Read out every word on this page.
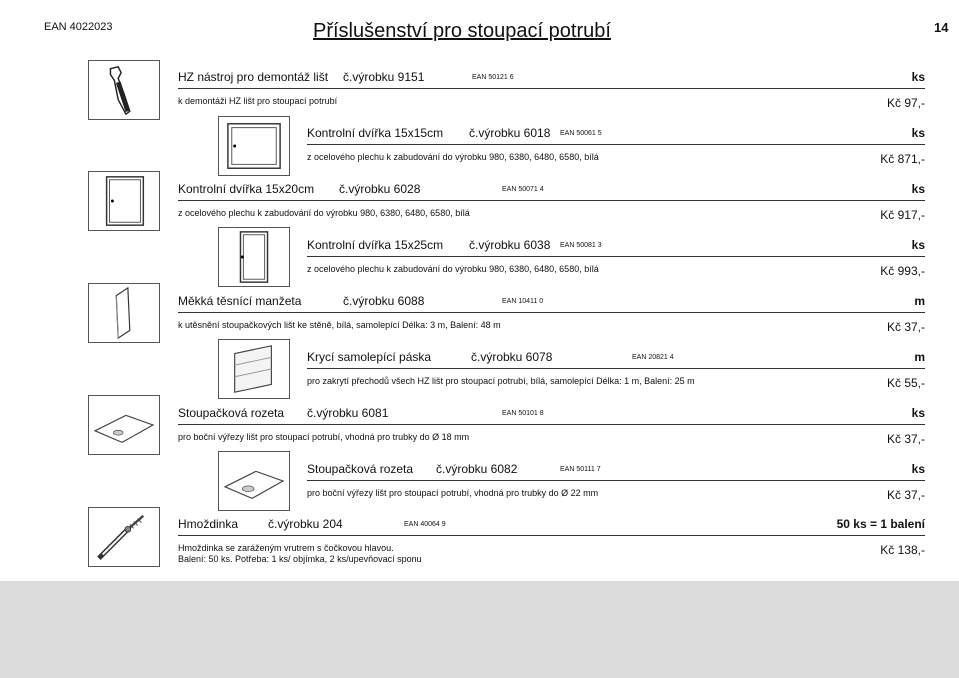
EAN 4022023	Příslušenství pro stoupací potrubí	14
HZ nástroj pro demontáž lišt č.výrobku 9151	EAN 50121 6	ks
k demontáži HZ lišt pro stoupací potrubí	Kč 97,-
Kontrolní dvířka 15x15cm č.výrobku 6018 EAN 50061 5	ks
z ocelového plechu k zabudování do výrobku 980, 6380, 6480, 6580, bílá	Kč 871,-
Kontrolní dvířka 15x20cm č.výrobku 6028	EAN 50071 4	ks
z ocelového plechu k zabudování do výrobku 980, 6380, 6480, 6580, bílá	Kč 917,-
Kontrolní dvířka 15x25cm č.výrobku 6038 EAN 50081 3	ks
z ocelového plechu k zabudování do výrobku 980, 6380, 6480, 6580, bílá	Kč 993,-
Měkká těsnící manžeta	č.výrobku 6088	EAN 10411 0	m
k utěsnění stoupačkových lišt ke stěně, bílá, samolepící Délka: 3 m, Balení: 48 m	Kč 37,-
Krycí samolepící páska	č.výrobku 6078	EAN 20821 4	m
pro zakrytí přechodů všech HZ lišt pro stoupací potrubí, bílá, samolepící Délka: 1 m, Balení: 25 m	Kč 55,-
Stoupačková rozeta č.výrobku 6081	EAN 50101 8	ks
pro boční výřezy lišt pro stoupací potrubí, vhodná pro trubky do Ø 18 mm	Kč 37,-
Stoupačková rozeta č.výrobku 6082	EAN 50111 7	ks
pro boční výřezy lišt pro stoupací potrubí, vhodná pro trubky do Ø 22 mm	Kč 37,-
Hmoždinka č.výrobku 204	EAN 40064 9	50 ks = 1 balení
Hmoždinka se zaráženým vrutrem s čočkovou hlavou.
Balení: 50 ks. Potřeba: 1 ks/ objímka, 2 ks/upevňovací sponu
Kč 138,-
